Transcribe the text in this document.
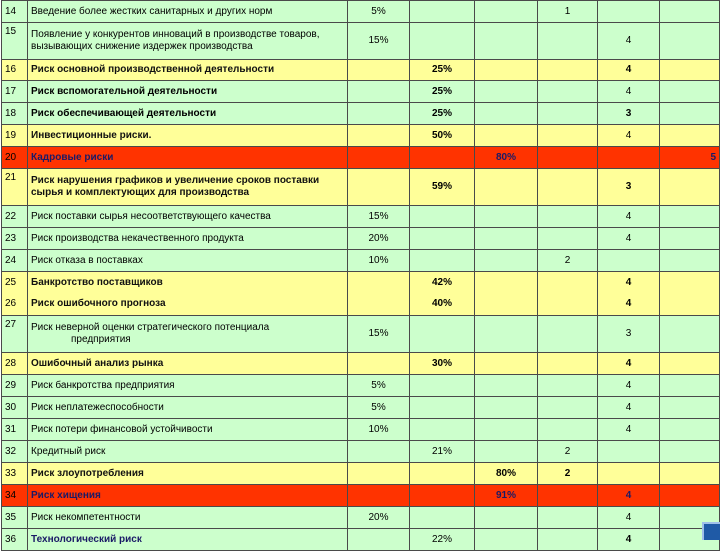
14	Введение более жестких санитарных и других норм	5%			1		
15	Появление у конкурентов инноваций в производстве товаров, вызывающих снижение издержек производства	15%				4	
16	Риск основной производственной деятельности		25%			4	
17	Риск вспомогательной деятельности		25%			4	
18	Риск обеспечивающей деятельности		25%			3	
19	Инвестиционные риски.		50%			4	
20	Кадровые риски			80%			5
21	Риск нарушения графиков и увеличение сроков поставки сырья и комплектующих для производства		59%			3	
22	Риск поставки сырья несоответствующего качества	15%				4	
23	Риск производства некачественного продукта	20%				4	
24	Риск отказа в поставках	10%			2		
25	Банкротство поставщиков		42%			4	
26	Риск ошибочного прогноза		40%			4	
27	Риск неверной оценки стратегического потенциала
предприятия	15%				3	
28	Ошибочный анализ рынка		30%			4	
29	Риск банкротства предприятия	5%				4	
30	Риск неплатежеспособности	5%				4	
31	Риск потери финансовой устойчивости	10%				4	
32	Кредитный риск		21%		2		
33	Риск злоупотребления			80%	2		
34	Риск хищения			91%		4	
35	Риск некомпетентности	20%				4	
36	Технологический риск		22%			4	
